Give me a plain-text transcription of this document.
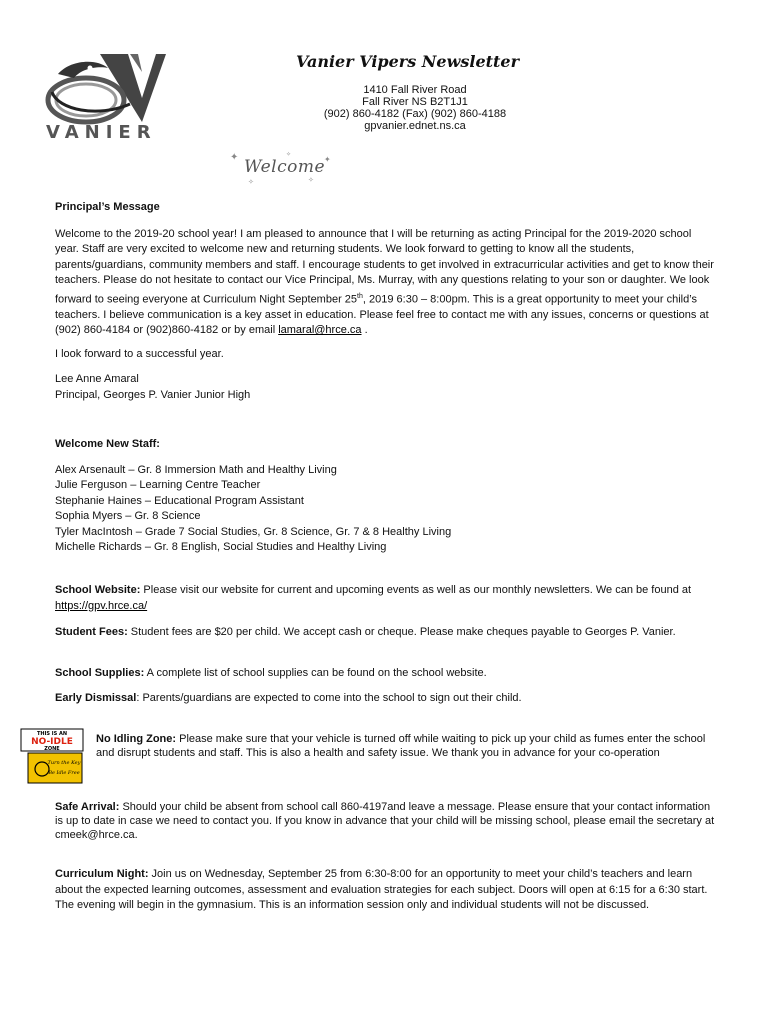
VANIER
Vanier Vipers Newsletter
1410 Fall River Road
Fall River NS B2T1J1
(902) 860-4182 (Fax) (902) 860-4188
gpvanier.ednet.ns.ca
✦	✦
✧	✧
✧
Welcome

Principal’s Message

Welcome to the 2019-20 school year! I am pleased to announce that I will be returning as acting Principal for the 2019-2020 school year. Staff are very excited to welcome new and returning students. We look forward to getting to know all the students, parents/guardians, community members and staff. I encourage students to get involved in extracurricular activities and get to know their teachers. Please do not hesitate to contact our Vice Principal, Ms. Murray, with any questions relating to your son or daughter. We look forward to seeing everyone at Curriculum Night September 25th, 2019 6:30 – 8:00pm. This is a great opportunity to meet your child’s teachers. I believe communication is a key asset in education. Please feel free to contact me with any issues, concerns or questions at (902) 860-4184 or (902)860-4182 or by email lamaral@hrce.ca .

I look forward to a successful year.

Lee Anne Amaral

Principal, Georges P. Vanier Junior High

Welcome New Staff:

Alex Arsenault – Gr. 8 Immersion Math and Healthy Living

Julie Ferguson – Learning Centre Teacher

Stephanie Haines – Educational Program Assistant

Sophia Myers – Gr. 8 Science

Tyler MacIntosh – Grade 7 Social Studies, Gr. 8 Science, Gr. 7 & 8 Healthy Living

Michelle Richards – Gr. 8 English, Social Studies and Healthy Living

School Website: Please visit our website for current and upcoming events as well as our monthly newsletters. We can be found at https://gpv.hrce.ca/

Student Fees: Student fees are $20 per child. We accept cash or cheque. Please make cheques payable to Georges P. Vanier.

School Supplies: A complete list of school supplies can be found on the school website.

Early Dismissal: Parents/guardians are expected to come into the school to sign out their child.

THIS IS AN
NO-IDLE
ZONE
Turn the Key
Be Idle Free

No Idling Zone: Please make sure that your vehicle is turned off while waiting to pick up your child as fumes enter the school and disrupt students and staff. This is also a health and safety issue. We thank you in advance for your co-operation

Safe Arrival: Should your child be absent from school call 860-4197and leave a message. Please ensure that your contact information is up to date in case we need to contact you. If you know in advance that your child will be missing school, please email the secretary at cmeek@hrce.ca.

Curriculum Night: Join us on Wednesday, September 25 from 6:30-8:00 for an opportunity to meet your child’s teachers and learn about the expected learning outcomes, assessment and evaluation strategies for each subject. Doors will open at 6:15 for a 6:30 start. The evening will begin in the gymnasium. This is an information session only and individual students will not be discussed.
